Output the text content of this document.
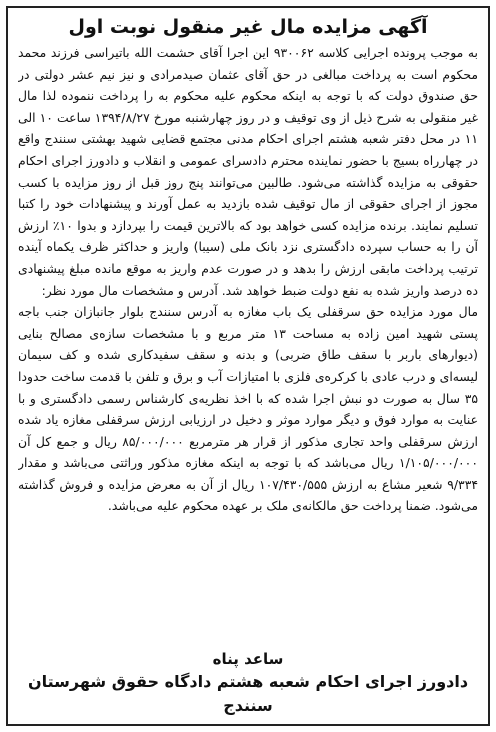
آگهی مزایده مال غیر منقول نوبت اول

به موجب پرونده اجرایی کلاسه ۹۳۰۰۶۲ این اجرا آقای حشمت الله باتیراسی فرزند محمد محکوم است به پرداخت مبالغی در حق آقای عثمان صیدمرادی و نیز نیم عشر دولتی در حق صندوق دولت که با توجه به اینکه محکوم علیه محکوم به را پرداخت ننموده لذا مال غیر منقولی به شرح ذیل از وی توقیف و در روز چهارشنبه مورخ ۱۳۹۴/۸/۲۷ ساعت ۱۰ الی ۱۱ در محل دفتر شعبه هشتم اجرای احکام مدنی مجتمع قضایی شهید بهشتی سنندج واقع در چهارراه بسیج با حضور نماینده محترم دادسرای عمومی و انقلاب و دادورز اجرای احکام حقوقی به مزایده گذاشته می‌شود. طالبین می‌توانند پنج روز قبل از روز مزایده با کسب مجوز از اجرای حقوقی از مال توقیف شده بازدید به عمل آورند و پیشنهادات خود را کتبا تسلیم نمایند. برنده مزایده کسی خواهد بود که بالاترین قیمت را بپردازد و بدوا ۱۰٪ ارزش آن را به حساب سپرده دادگستری نزد بانک ملی (سیبا) واریز و حداکثر ظرف یکماه آینده ترتیب پرداخت مابقی ارزش را بدهد و در صورت عدم واریز به موقع مانده مبلغ پیشنهادی ده درصد واریز شده به نفع دولت ضبط خواهد شد. آدرس و مشخصات مال مورد نظر:

مال مورد مزایده حق سرقفلی یک باب مغازه به آدرس سنندج بلوار جانبازان جنب باجه پستی شهید امین زاده به مساحت ۱۳ متر مربع و با مشخصات سازه‌ی مصالح بنایی (دیوارهای باربر با سقف طاق ضربی) و بدنه و سقف سفیدکاری شده و کف سیمان لیسه‌ای و درب عادی با کرکره‌ی فلزی با امتیازات آب و برق و تلفن با قدمت ساخت حدودا ۳۵ سال به صورت دو نبش اجرا شده که با اخذ نظریه‌ی کارشناس رسمی دادگستری و با عنایت به موارد فوق و دیگر موارد موثر و دخیل در ارزیابی ارزش سرقفلی مغازه یاد شده ارزش سرقفلی واحد تجاری مذکور از قرار هر مترمربع ۸۵/۰۰۰/۰۰۰ ریال و جمع کل آن ۱/۱۰۵/۰۰۰/۰۰۰ ریال می‌باشد که با توجه به اینکه مغازه مذکور وراثتی می‌باشد و مقدار ۹/۳۳۴ شعیر مشاع به ارزش ۱۰۷/۴۳۰/۵۵۵ ریال از آن به معرض مزایده و فروش گذاشته می‌شود. ضمنا پرداخت حق مالکانه‌ی ملک بر عهده محکوم علیه می‌باشد.

ساعد پناه
دادورز اجرای احکام شعبه هشتم دادگاه حقوق شهرستان سنندج
